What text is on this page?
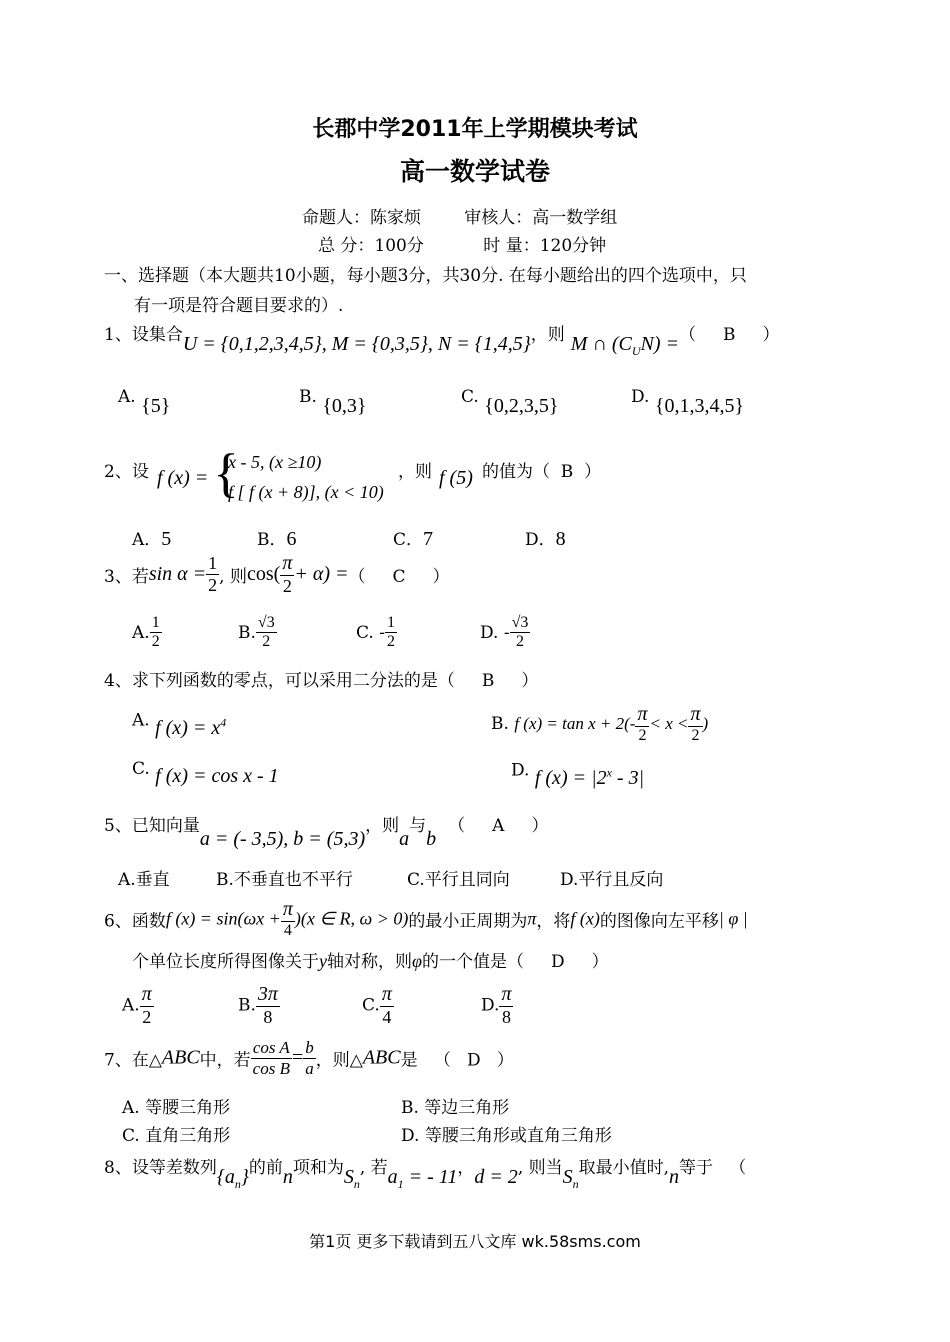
长郡中学2011年上学期模块考试
高一数学试卷
命题人：陈家烦        审核人：高一数学组
总 分：100分           时 量：120分钟
一、选择题（本大题共10小题，每小题3分，共30分. 在每小题给出的四个选项中，只
有一项是符合题目要求的）.
1、设集合U = {0,1,2,3,4,5}, M = {0,3,5}, N = {1,4,5}，则 M ∩ $(C_UN)$ =（     B     ）
A. {5}	B. {0,3}	C. {0,2,3,5}	D. {0,1,3,4,5}
2、设 f (x) = {
x - 5, (x ≥10)
f [ f (x + 8)], (x < 10)
，则 f (5) 的值为（  B  ）
A．5	B．6	C．7	D．8
3、若$\sin \alpha = \frac{1}{2}$ , 则$\cos( \frac{\pi}{2} + \alpha)$ =（     C     ）
A. $\frac{1}{2}$	B. $\frac{√3}{2}$	C. - $\frac{1}{2}$	D. - $\frac{√3}{2}$
4、求下列函数的零点，可以采用二分法的是（     B     ）
A. f $(x) = x^4$	B. f $(x) = \tan x + 2(- \frac{\pi}{2} < x < \frac{\pi}{2}$ )
C. f (x) = cos x - 1	D. f $(x) = |2^x - 3|$
5、已知向量a = (- 3,5), b = (5,3)，则a与b（     A     ）
A.垂直	B.不垂直也不平行	C.平行且同向	D.平行且反向
6、函数f $(x) = \sin(\omega x + \frac{\pi}{4} )(x$ ∈ R, ω > 0)的最小正周期为π，将f (x)的图像向左平移| φ |
个单位长度所得图像关于y轴对称，则φ的一个值是（     D     ）
A. $\frac{\pi}{2}$	B. $\frac{3\pi}{8}$	C. $\frac{\pi}{4}$	D. $\frac{\pi}{8}$
7、在△ABC中，若 $\frac{\text{cos A}}{\text{cos B}} = \frac{b}{a}$ ，则△ABC是   （   D   ）
A. 等腰三角形	B. 等边三角形
C. 直角三角形	D. 等腰三角形或直角三角形
8、设等差数列$\{a_n\}$的前n项和为$S_n$, 若$a_1$ = - 11，d = 2, 则当$S_n$取最小值时,n等于   （
第1页 更多下载请到五八文库 wk.58sms.com
